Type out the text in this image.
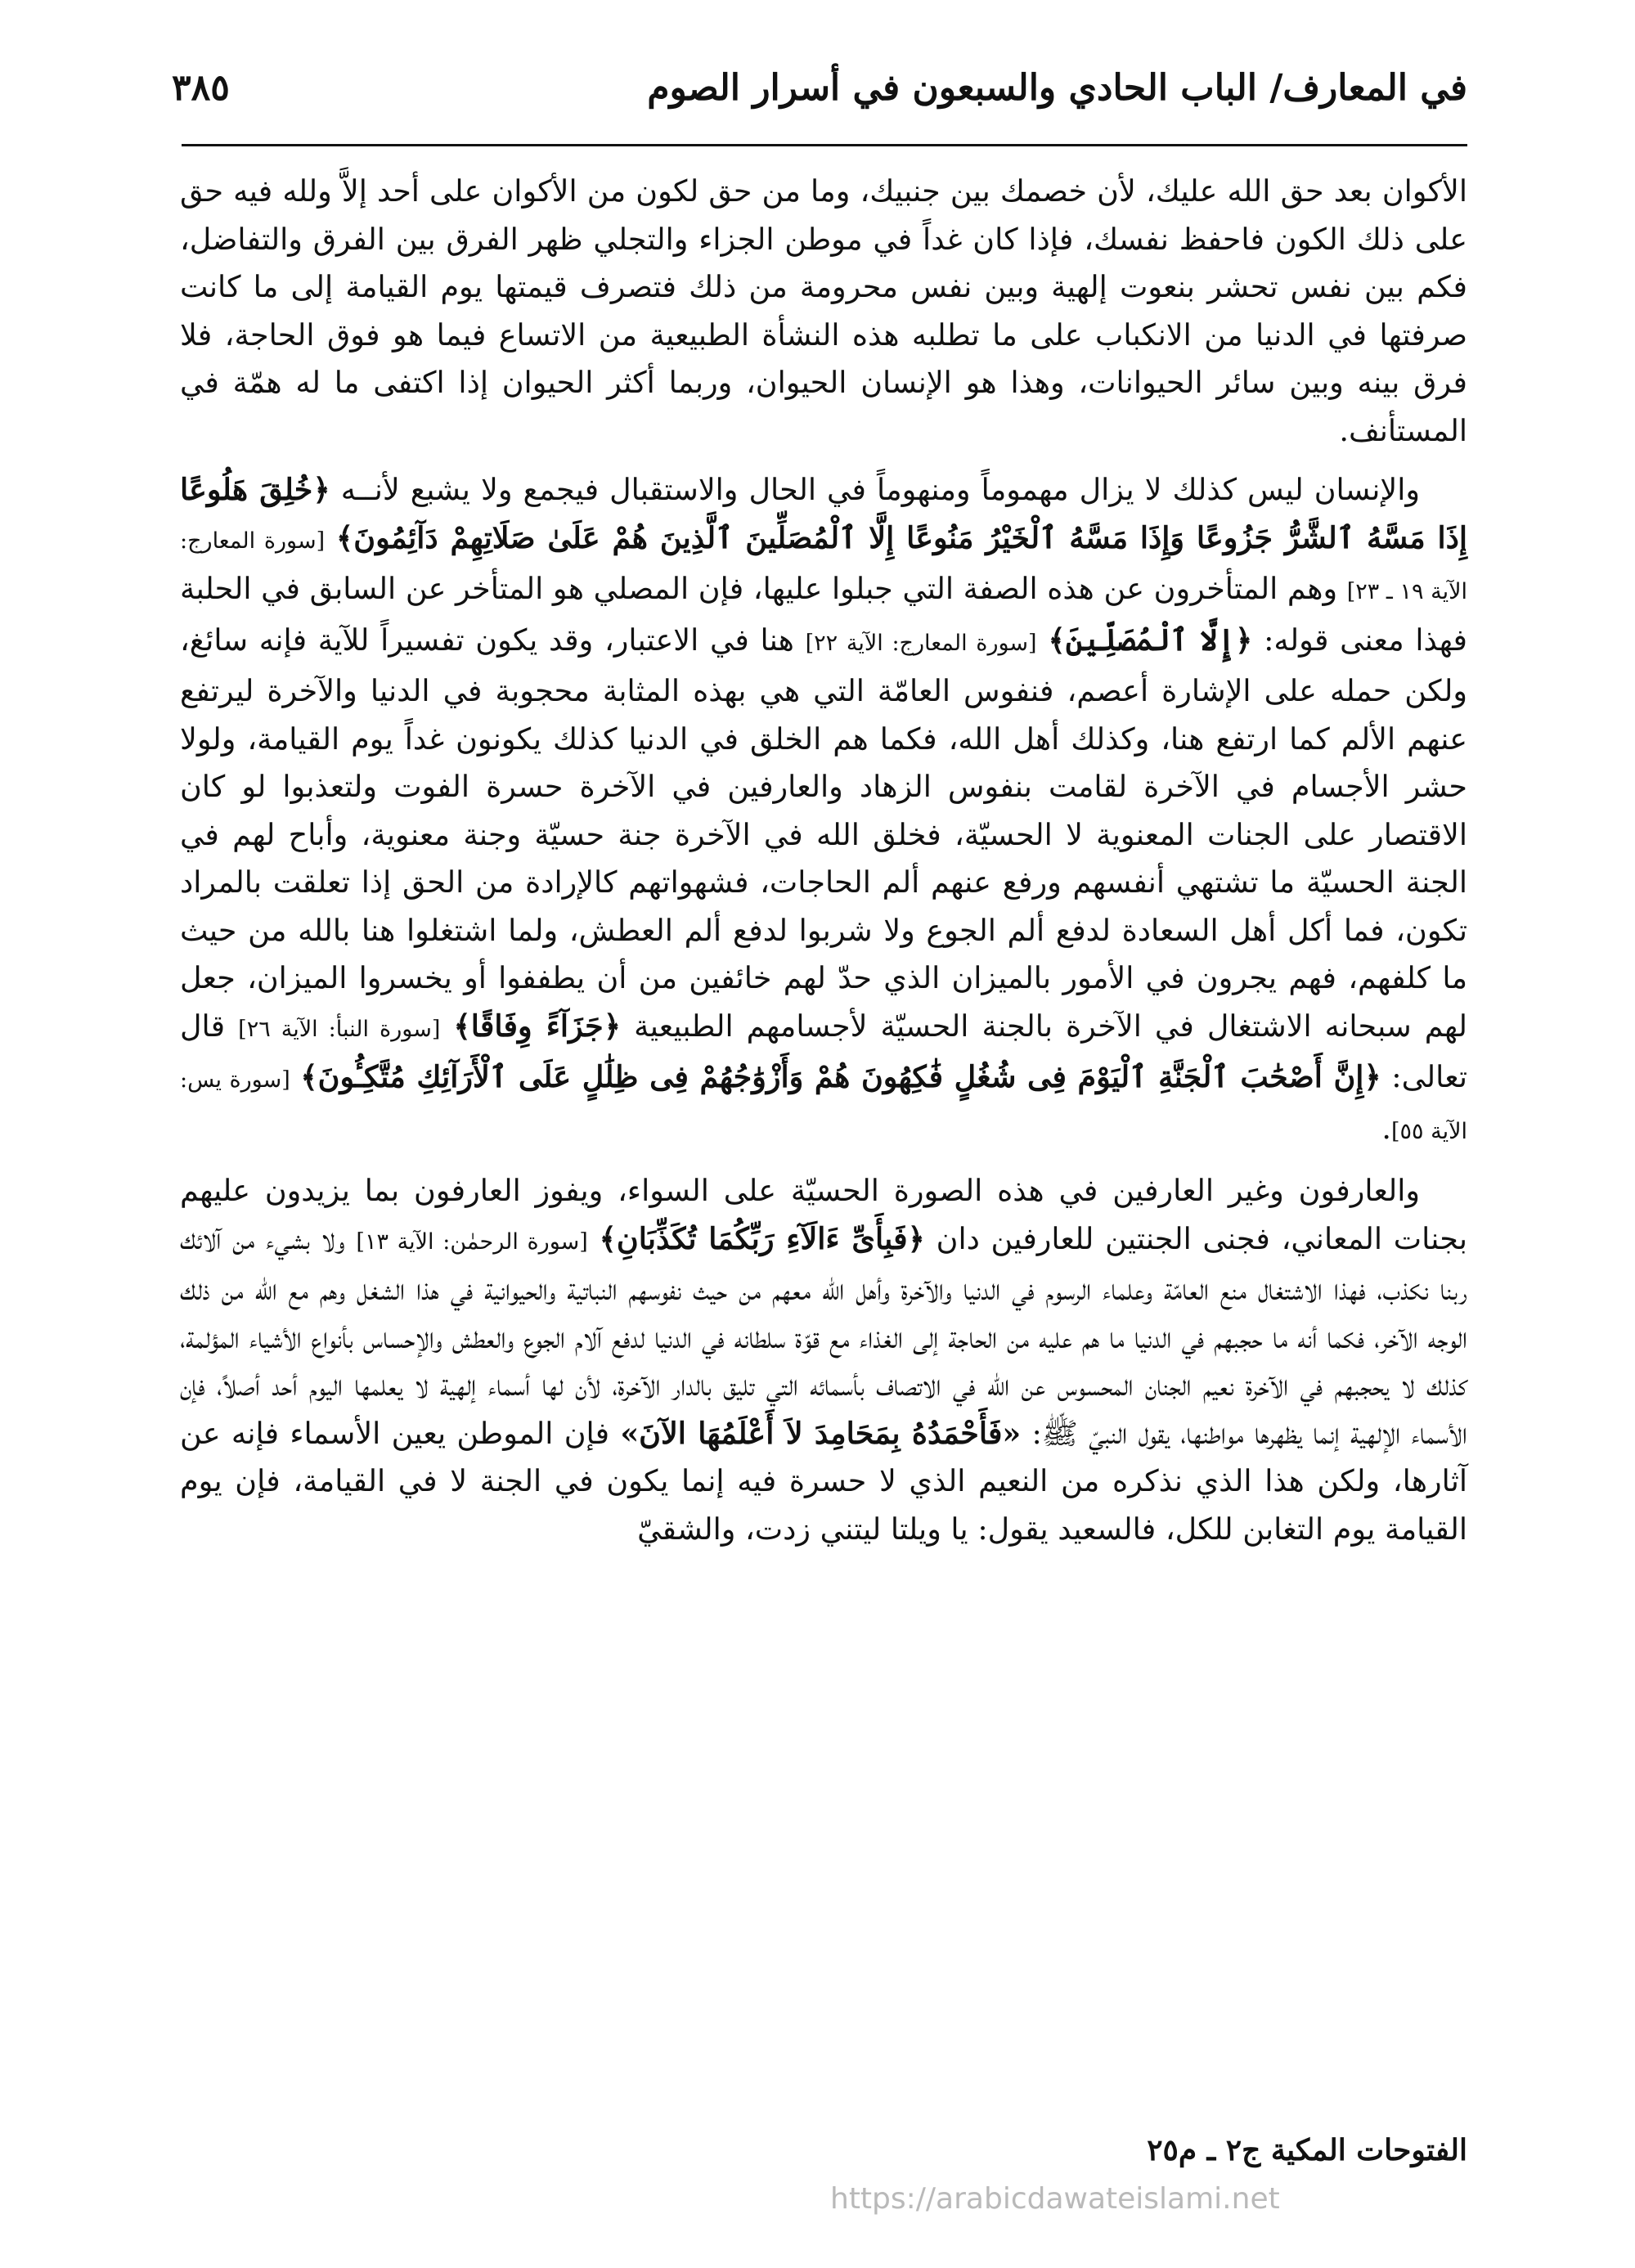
في المعارف/ الباب الحادي والسبعون في أسرار الصوم
٣٨٥

الأكوان بعد حق الله عليك، لأن خصمك بين جنبيك، وما من حق لكون من الأكوان على أحد إلاَّ ولله فيه حق على ذلك الكون فاحفظ نفسك، فإذا كان غداً في موطن الجزاء والتجلي ظهر الفرق بين الفرق والتفاضل، فكم بين نفس تحشر بنعوت إلهية وبين نفس محرومة من ذلك فتصرف قيمتها يوم القيامة إلى ما كانت صرفتها في الدنيا من الانكباب على ما تطلبه هذه النشأة الطبيعية من الاتساع فيما هو فوق الحاجة، فلا فرق بينه وبين سائر الحيوانات، وهذا هو الإنسان الحيوان، وربما أكثر الحيوان إذا اكتفى ما له همّة في المستأنف.

والإنسان ليس كذلك لا يزال مهموماً ومنهوماً في الحال والاستقبال فيجمع ولا يشبع لأنــه ﴿خُلِقَ هَلُوعًا إِذَا مَسَّهُ ٱلشَّرُّ جَزُوعًا وَإِذَا مَسَّهُ ٱلْخَيْرُ مَنُوعًا إِلَّا ٱلْمُصَلِّينَ ٱلَّذِينَ هُمْ عَلَىٰ صَلَاتِهِمْ دَآئِمُونَ﴾ [سورة المعارج: الآية ١٩ ـ ٢٣] وهم المتأخرون عن هذه الصفة التي جبلوا عليها، فإن المصلي هو المتأخر عن السابق في الحلبة فهذا معنى قوله: ﴿إِلَّا ٱلْمُصَلِّينَ﴾ [سورة المعارج: الآية ٢٢] هنا في الاعتبار، وقد يكون تفسيراً للآية فإنه سائغ، ولكن حمله على الإشارة أعصم، فنفوس العامّة التي هي بهذه المثابة محجوبة في الدنيا والآخرة ليرتفع عنهم الألم كما ارتفع هنا، وكذلك أهل الله، فكما هم الخلق في الدنيا كذلك يكونون غداً يوم القيامة، ولولا حشر الأجسام في الآخرة لقامت بنفوس الزهاد والعارفين في الآخرة حسرة الفوت ولتعذبوا لو كان الاقتصار على الجنات المعنوية لا الحسيّة، فخلق الله في الآخرة جنة حسيّة وجنة معنوية، وأباح لهم في الجنة الحسيّة ما تشتهي أنفسهم ورفع عنهم ألم الحاجات، فشهواتهم كالإرادة من الحق إذا تعلقت بالمراد تكون، فما أكل أهل السعادة لدفع ألم الجوع ولا شربوا لدفع ألم العطش، ولما اشتغلوا هنا بالله من حيث ما كلفهم، فهم يجرون في الأمور بالميزان الذي حدّ لهم خائفين من أن يطففوا أو يخسروا الميزان، جعل لهم سبحانه الاشتغال في الآخرة بالجنة الحسيّة لأجسامهم الطبيعية ﴿جَزَآءً وِفَاقًا﴾ [سورة النبأ: الآية ٢٦] قال تعالى: ﴿إِنَّ أَصْحَٰبَ ٱلْجَنَّةِ ٱلْيَوْمَ فِى شُغُلٍ فَٰكِهُونَ هُمْ وَأَزْوَٰجُهُمْ فِى ظِلَٰلٍ عَلَى ٱلْأَرَآئِكِ مُتَّكِـُٔونَ﴾ [سورة يس: الآية ٥٥].

والعارفون وغير العارفين في هذه الصورة الحسيّة على السواء، ويفوز العارفون بما يزيدون عليهم بجنات المعاني، فجنى الجنتين للعارفين دان ﴿فَبِأَىِّ ءَالَآءِ رَبِّكُمَا تُكَذِّبَانِ﴾ [سورة الرحمٰن: الآية ١٣] ولا بشيء من آلائك ربنا نكذب، فهذا الاشتغال منع العامّة وعلماء الرسوم في الدنيا والآخرة وأهل الله معهم من حيث نفوسهم النباتية والحيوانية في هذا الشغل وهم مع الله من ذلك الوجه الآخر، فكما أنه ما حجبهم في الدنيا ما هم عليه من الحاجة إلى الغذاء مع قوّة سلطانه في الدنيا لدفع آلام الجوع والعطش والإحساس بأنواع الأشياء المؤلمة، كذلك لا يحجبهم في الآخرة نعيم الجنان المحسوس عن الله في الاتصاف بأسمائه التي تليق بالدار الآخرة، لأن لها أسماء إلهية لا يعلمها اليوم أحد أصلاً، فإن الأسماء الإلهية إنما يظهرها مواطنها، يقول النبيّ ﷺ: «فَأَحْمَدُهُ بِمَحَامِدَ لاَ أَعْلَمُهَا الآنَ» فإن الموطن يعين الأسماء فإنه عن آثارها، ولكن هذا الذي نذكره من النعيم الذي لا حسرة فيه إنما يكون في الجنة لا في القيامة، فإن يوم القيامة يوم التغابن للكل، فالسعيد يقول: يا ويلتا ليتني زدت، والشقيّ

الفتوحات المكية ج٢ ـ م٢٥
https://arabicdawateislami.net
